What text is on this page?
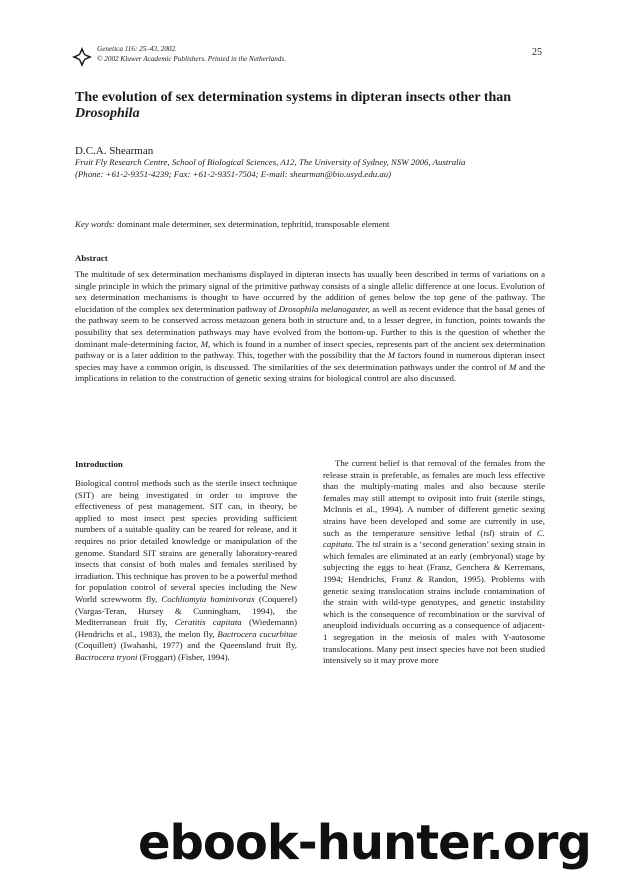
Genetica 116: 25–43, 2002.
© 2002 Kluwer Academic Publishers. Printed in the Netherlands.
25
The evolution of sex determination systems in dipteran insects other than Drosophila
D.C.A. Shearman
Fruit Fly Research Centre, School of Biological Sciences, A12, The University of Sydney, NSW 2006, Australia
(Phone: +61-2-9351-4239; Fax: +61-2-9351-7504; E-mail: shearman@bio.usyd.edu.au)
Key words: dominant male determiner, sex determination, tephritid, transposable element
Abstract
The multitude of sex determination mechanisms displayed in dipteran insects has usually been described in terms of variations on a single principle in which the primary signal of the primitive pathway consists of a single allelic difference at one locus. Evolution of sex determination mechanisms is thought to have occurred by the addition of genes below the top gene of the pathway. The elucidation of the complex sex determination pathway of Drosophila melanogaster, as well as recent evidence that the basal genes of the pathway seem to be conserved across metazoan genera both in structure and, to a lesser degree, in function, points towards the possibility that sex determination pathways may have evolved from the bottom-up. Further to this is the question of whether the dominant male-determining factor, M, which is found in a number of insect species, represents part of the ancient sex determination pathway or is a later addition to the pathway. This, together with the possibility that the M factors found in numerous dipteran insect species may have a common origin, is discussed. The similarities of the sex determination pathways under the control of M and the implications in relation to the construction of genetic sexing strains for biological control are also discussed.
Introduction
Biological control methods such as the sterile insect technique (SIT) are being investigated in order to improve the effectiveness of pest management. SIT can, in theory, be applied to most insect pest species providing sufficient numbers of a suitable quality can be reared for release, and it requires no prior detailed knowledge or manipulation of the genome. Standard SIT strains are generally laboratory-reared insects that consist of both males and females sterilised by irradiation. This technique has proven to be a powerful method for population control of several species including the New World screwworm fly, Cochliomyia hominivorax (Coquerel) (Vargas-Teran, Hursey & Cunningham, 1994), the Mediterranean fruit fly, Ceratitis capitata (Wiedemann) (Hendrichs et al., 1983), the melon fly, Bactrocera cucurbitae (Coquillett) (Iwahashi, 1977) and the Queensland fruit fly, Bactrocera tryoni (Froggart) (Fisher, 1994).
The current belief is that removal of the females from the release strain is preferable, as females are much less effective than the multiply-mating males and also because sterile females may still attempt to oviposit into fruit (sterile stings, McInnis et al., 1994). A number of different genetic sexing strains have been developed and some are currently in use, such as the temperature sensitive lethal (tsl) strain of C. capitata. The tsl strain is a ‘second generation’ sexing strain in which females are eliminated at an early (embryonal) stage by subjecting the eggs to heat (Franz, Genchera & Kerremans, 1994; Hendrichs, Franz & Randon, 1995). Problems with genetic sexing translocation strains include contamination of the strain with wild-type genotypes, and genetic instability which is the consequence of recombination or the survival of aneuploid individuals occurring as a consequence of adjacent-1 segregation in the meiosis of males with Y-autosome translocations. Many pest insect species have not been studied intensively so it may prove more
ebook-hunter.org
